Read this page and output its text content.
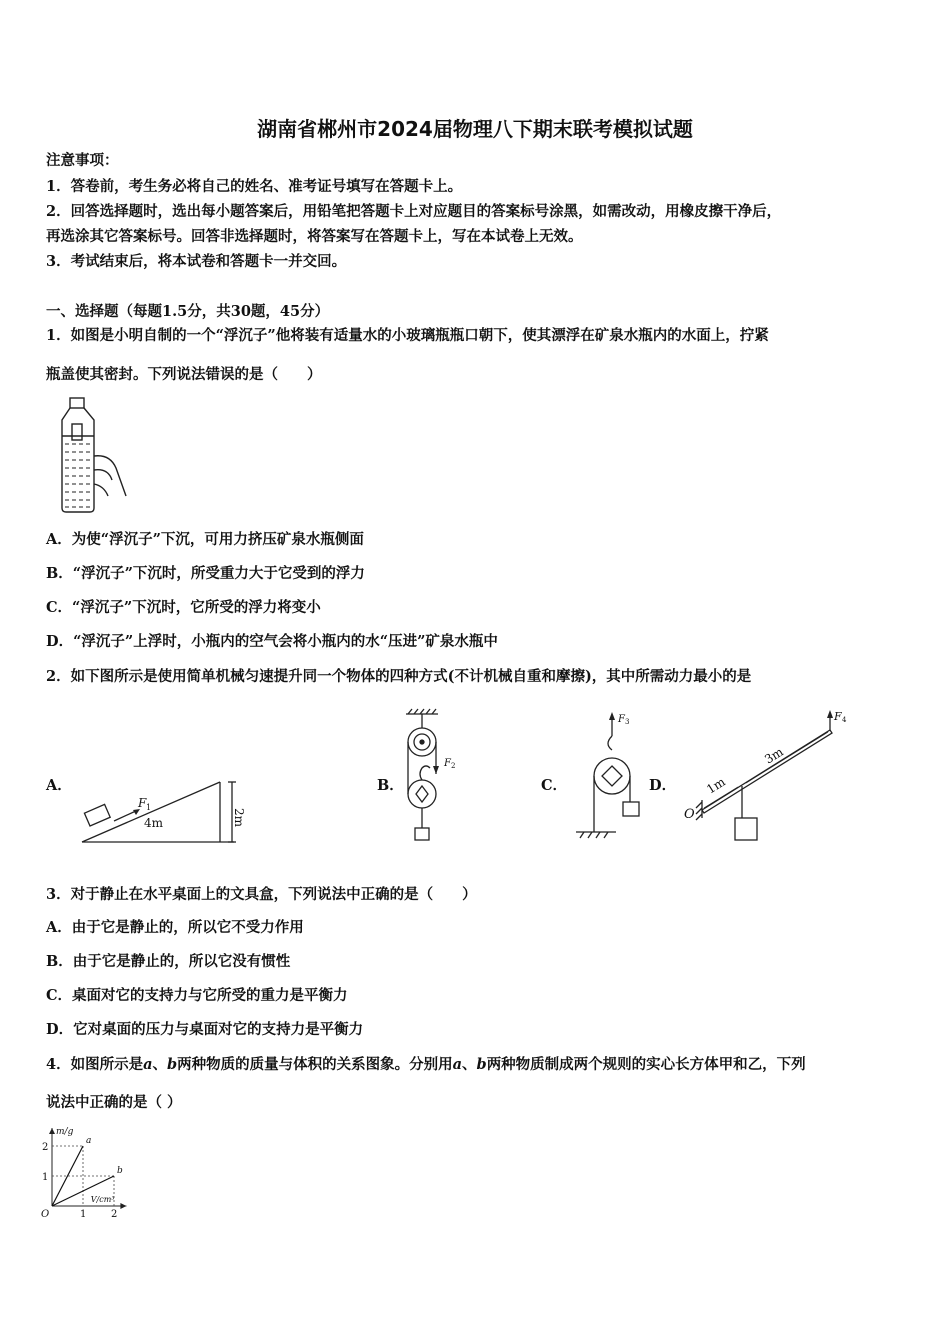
湖南省郴州市2024届物理八下期末联考模拟试题
注意事项：
1．答卷前，考生务必将自己的姓名、准考证号填写在答题卡上。
2．回答选择题时，选出每小题答案后，用铅笔把答题卡上对应题目的答案标号涂黑，如需改动，用橡皮擦干净后，
再选涂其它答案标号。回答非选择题时，将答案写在答题卡上，写在本试卷上无效。
3．考试结束后，将本试卷和答题卡一并交回。
一、选择题（每题1.5分，共30题，45分）
1．如图是小明自制的一个“浮沉子”他将装有适量水的小玻璃瓶瓶口朝下，使其漂浮在矿泉水瓶内的水面上，拧紧
瓶盖使其密封。下列说法错误的是（　　）
A．为使“浮沉子”下沉，可用力挤压矿泉水瓶侧面
B．“浮沉子”下沉时，所受重力大于它受到的浮力
C．“浮沉子”下沉时，它所受的浮力将变小
D．“浮沉子”上浮时，小瓶内的空气会将小瓶内的水“压进”矿泉水瓶中
2．如下图所示是使用简单机械匀速提升同一个物体的四种方式(不计机械自重和摩擦)，其中所需动力最小的是
A．
F 1
4m	2m
B．
F 2
C．
F 3
D．
F 4
O
1m
3m
3．对于静止在水平桌面上的文具盒，下列说法中正确的是（　　）
A．由于它是静止的，所以它不受力作用
B．由于它是静止的，所以它没有惯性
C．桌面对它的支持力与它所受的重力是平衡力
D．它对桌面的压力与桌面对它的支持力是平衡力
4．如图所示是a、b两种物质的质量与体积的关系图象。分别用a、b两种物质制成两个规则的实心长方体甲和乙，下列
说法中正确的是（ ）
m/g
V/cm³
O	1 2
1
2
a
b
